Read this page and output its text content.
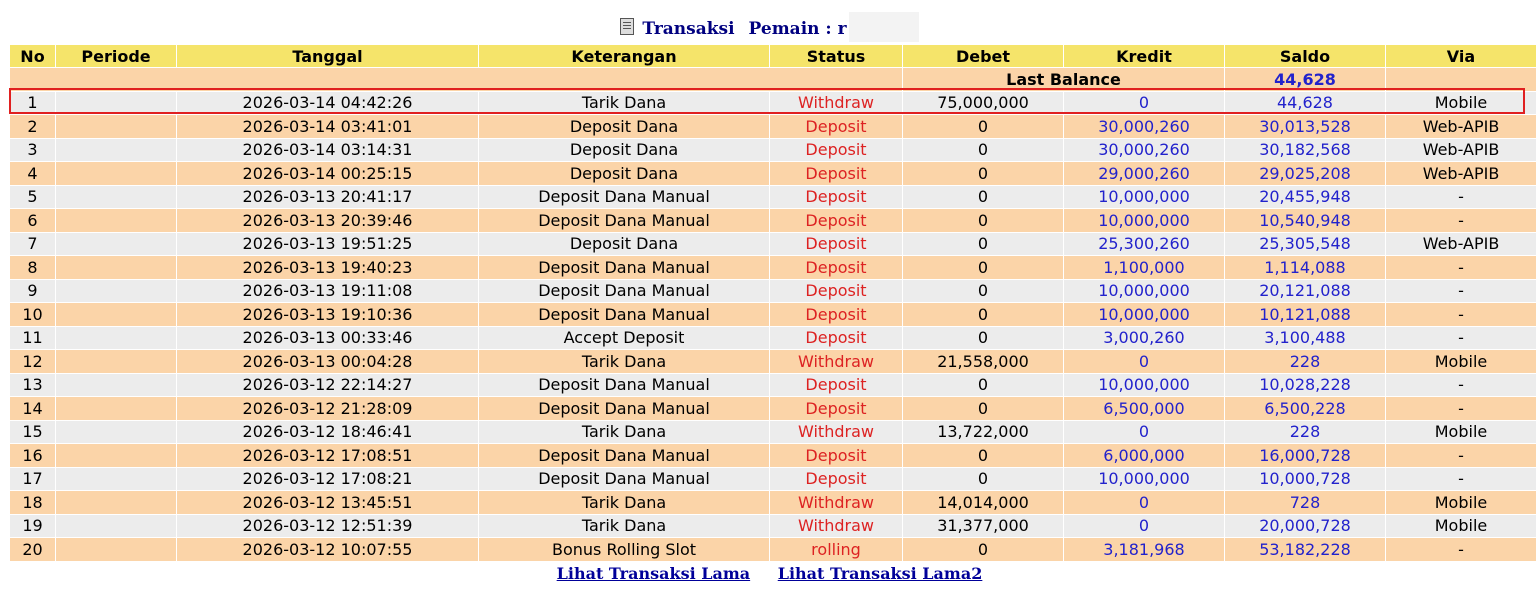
Transaksi Pemain : r
No	Periode	Tanggal	Keterangan	Status	Debet	Kredit	Saldo	Via
					Last Balance		44,628	
1		2026-03-14 04:42:26	Tarik Dana	Withdraw	75,000,000	0	44,628	Mobile
2		2026-03-14 03:41:01	Deposit Dana	Deposit	0	30,000,260	30,013,528	Web-APIB
3		2026-03-14 03:14:31	Deposit Dana	Deposit	0	30,000,260	30,182,568	Web-APIB
4		2026-03-14 00:25:15	Deposit Dana	Deposit	0	29,000,260	29,025,208	Web-APIB
5		2026-03-13 20:41:17	Deposit Dana Manual	Deposit	0	10,000,000	20,455,948	-
6		2026-03-13 20:39:46	Deposit Dana Manual	Deposit	0	10,000,000	10,540,948	-
7		2026-03-13 19:51:25	Deposit Dana	Deposit	0	25,300,260	25,305,548	Web-APIB
8		2026-03-13 19:40:23	Deposit Dana Manual	Deposit	0	1,100,000	1,114,088	-
9		2026-03-13 19:11:08	Deposit Dana Manual	Deposit	0	10,000,000	20,121,088	-
10		2026-03-13 19:10:36	Deposit Dana Manual	Deposit	0	10,000,000	10,121,088	-
11		2026-03-13 00:33:46	Accept Deposit	Deposit	0	3,000,260	3,100,488	-
12		2026-03-13 00:04:28	Tarik Dana	Withdraw	21,558,000	0	228	Mobile
13		2026-03-12 22:14:27	Deposit Dana Manual	Deposit	0	10,000,000	10,028,228	-
14		2026-03-12 21:28:09	Deposit Dana Manual	Deposit	0	6,500,000	6,500,228	-
15		2026-03-12 18:46:41	Tarik Dana	Withdraw	13,722,000	0	228	Mobile
16		2026-03-12 17:08:51	Deposit Dana Manual	Deposit	0	6,000,000	16,000,728	-
17		2026-03-12 17:08:21	Deposit Dana Manual	Deposit	0	10,000,000	10,000,728	-
18		2026-03-12 13:45:51	Tarik Dana	Withdraw	14,014,000	0	728	Mobile
19		2026-03-12 12:51:39	Tarik Dana	Withdraw	31,377,000	0	20,000,728	Mobile
20		2026-03-12 10:07:55	Bonus Rolling Slot	rolling	0	3,181,968	53,182,228	-
Lihat Transaksi Lama Lihat Transaksi Lama2
